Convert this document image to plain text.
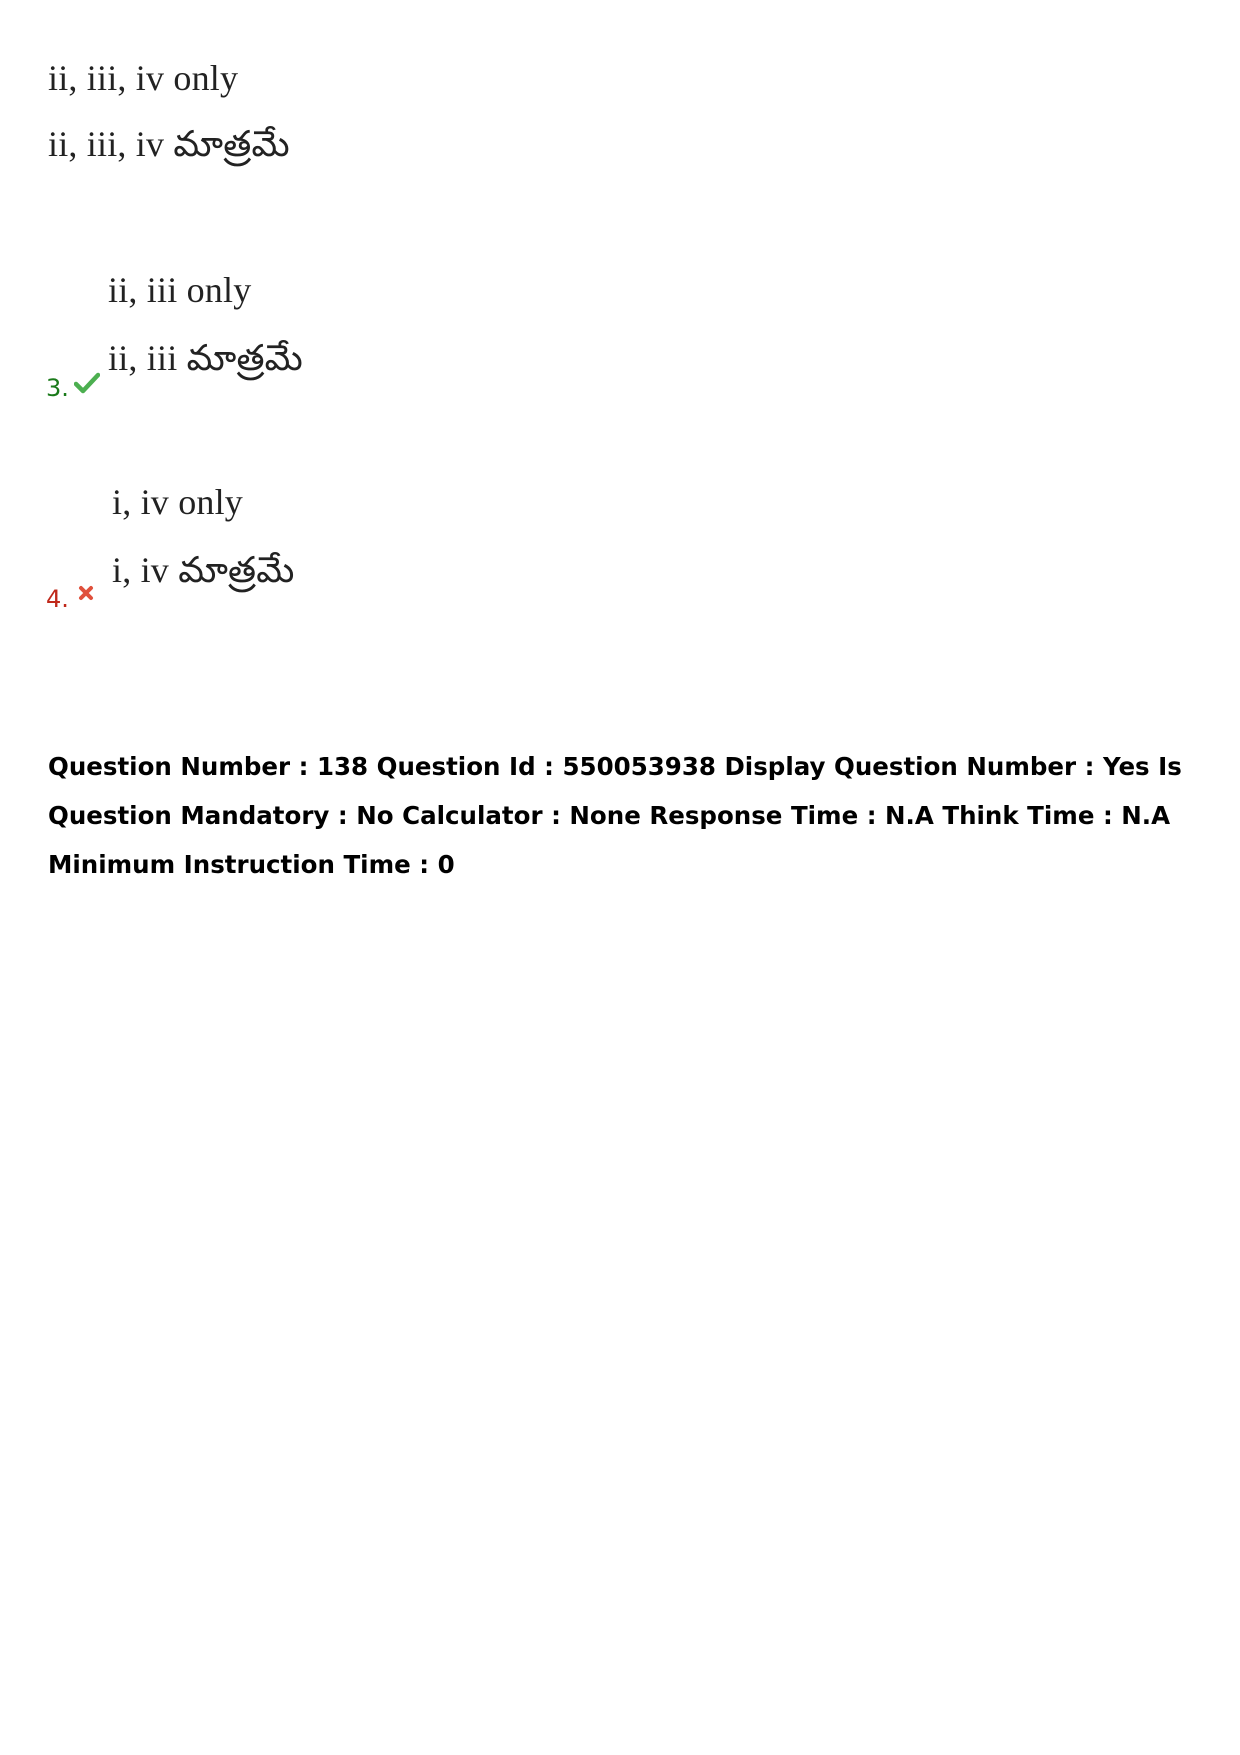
ii, iii, iv only
ii, iii, iv మాత్రమే
ii, iii only
ii, iii మాత్రమే
3.
i, iv only
i, iv మాత్రమే
4.

Question Number : 138 Question Id : 550053938 Display Question Number : Yes Is Question Mandatory : No Calculator : None Response Time : N.A Think Time : N.A Minimum Instruction Time : 0
